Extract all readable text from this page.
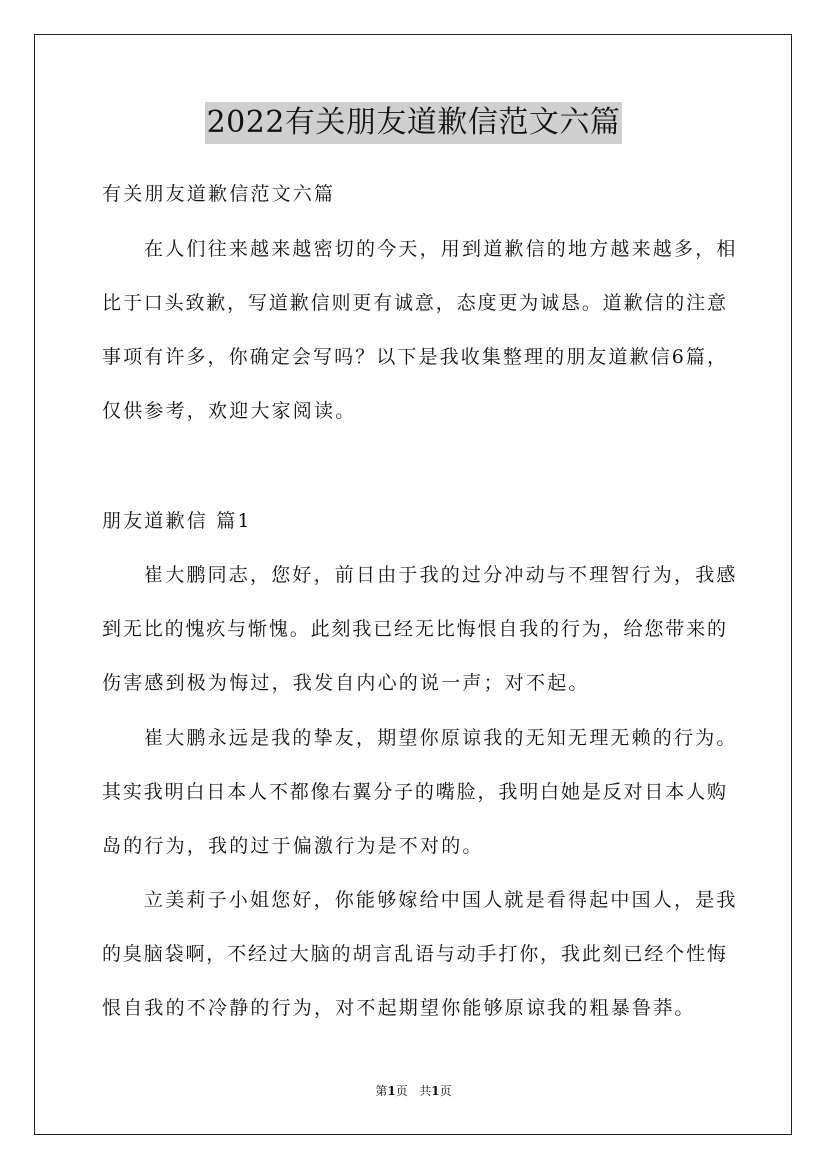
2022有关朋友道歉信范文六篇
有关朋友道歉信范文六篇
在人们往来越来越密切的今天，用到道歉信的地方越来越多，相
比于口头致歉，写道歉信则更有诚意，态度更为诚恳。道歉信的注意
事项有许多，你确定会写吗？以下是我收集整理的朋友道歉信6篇，
仅供参考，欢迎大家阅读。
朋友道歉信 篇1
崔大鹏同志，您好，前日由于我的过分冲动与不理智行为，我感
到无比的愧疚与惭愧。此刻我已经无比悔恨自我的行为，给您带来的
伤害感到极为悔过，我发自内心的说一声；对不起。
崔大鹏永远是我的挚友，期望你原谅我的无知无理无赖的行为。
其实我明白日本人不都像右翼分子的嘴脸，我明白她是反对日本人购
岛的行为，我的过于偏激行为是不对的。
立美莉子小姐您好，你能够嫁给中国人就是看得起中国人，是我
的臭脑袋啊，不经过大脑的胡言乱语与动手打你，我此刻已经个性悔
恨自我的不冷静的行为，对不起期望你能够原谅我的粗暴鲁莽。
第1页 共1页
